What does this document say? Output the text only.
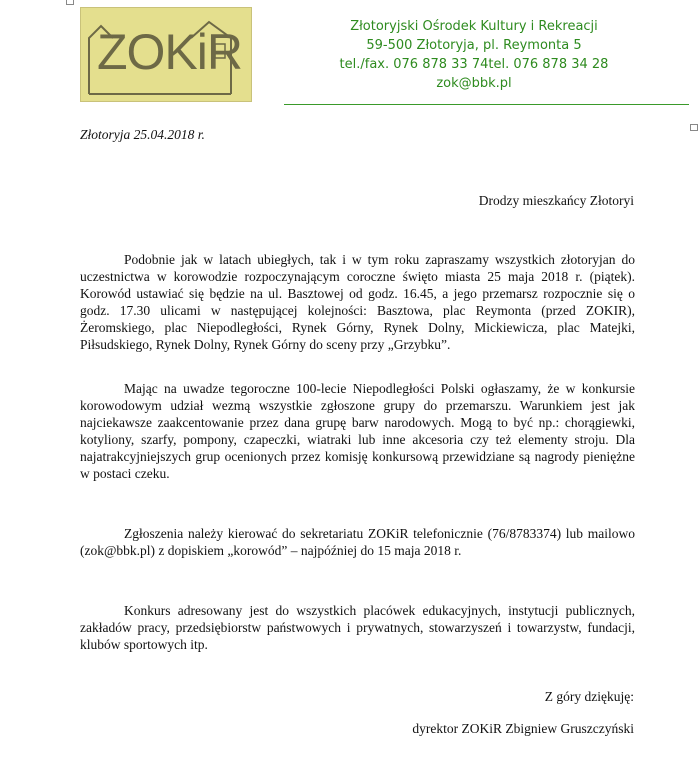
ZOKiR	Złotoryjski Ośrodek Kultury i Rekreacji
59-500 Złotoryja, pl. Reymonta 5
tel./fax. 076 878 33 74tel. 076 878 34 28
zok@bbk.pl
Złotoryja 25.04.2018 r.
Drodzy mieszkańcy Złotoryi

Podobnie jak w latach ubiegłych, tak i w tym roku zapraszamy wszystkich złotoryjan do uczestnictwa w korowodzie rozpoczynającym coroczne święto miasta 25 maja 2018 r. (piątek). Korowód ustawiać się będzie na ul. Basztowej od godz. 16.45, a jego przemarsz rozpocznie się o godz. 17.30 ulicami w następującej kolejności: Basztowa, plac Reymonta (przed ZOKIR), Żeromskiego, plac Niepodległości, Rynek Górny, Rynek Dolny, Mickiewicza, plac Matejki, Piłsudskiego, Rynek Dolny, Rynek Górny do sceny przy „Grzybku”.

Mając na uwadze tegoroczne 100-lecie Niepodległości Polski ogłaszamy, że w konkursie korowodowym udział wezmą wszystkie zgłoszone grupy do przemarszu. Warunkiem jest jak najciekawsze zaakcentowanie przez dana grupę barw narodowych. Mogą to być np.: chorągiewki, kotyliony, szarfy, pompony, czapeczki, wiatraki lub inne akcesoria czy też elementy stroju. Dla najatrakcyjniejszych grup ocenionych przez komisję konkursową przewidziane są nagrody pieniężne w postaci czeku.

Zgłoszenia należy kierować do sekretariatu ZOKiR telefonicznie (76/8783374) lub mailowo (zok@bbk.pl) z dopiskiem „korowód” – najpóźniej do 15 maja 2018 r.

Konkurs adresowany jest do wszystkich placówek edukacyjnych, instytucji publicznych, zakładów pracy, przedsiębiorstw państwowych i prywatnych, stowarzyszeń i towarzystw, fundacji, klubów sportowych itp.

Z góry dziękuję:
dyrektor ZOKiR Zbigniew Gruszczyński
